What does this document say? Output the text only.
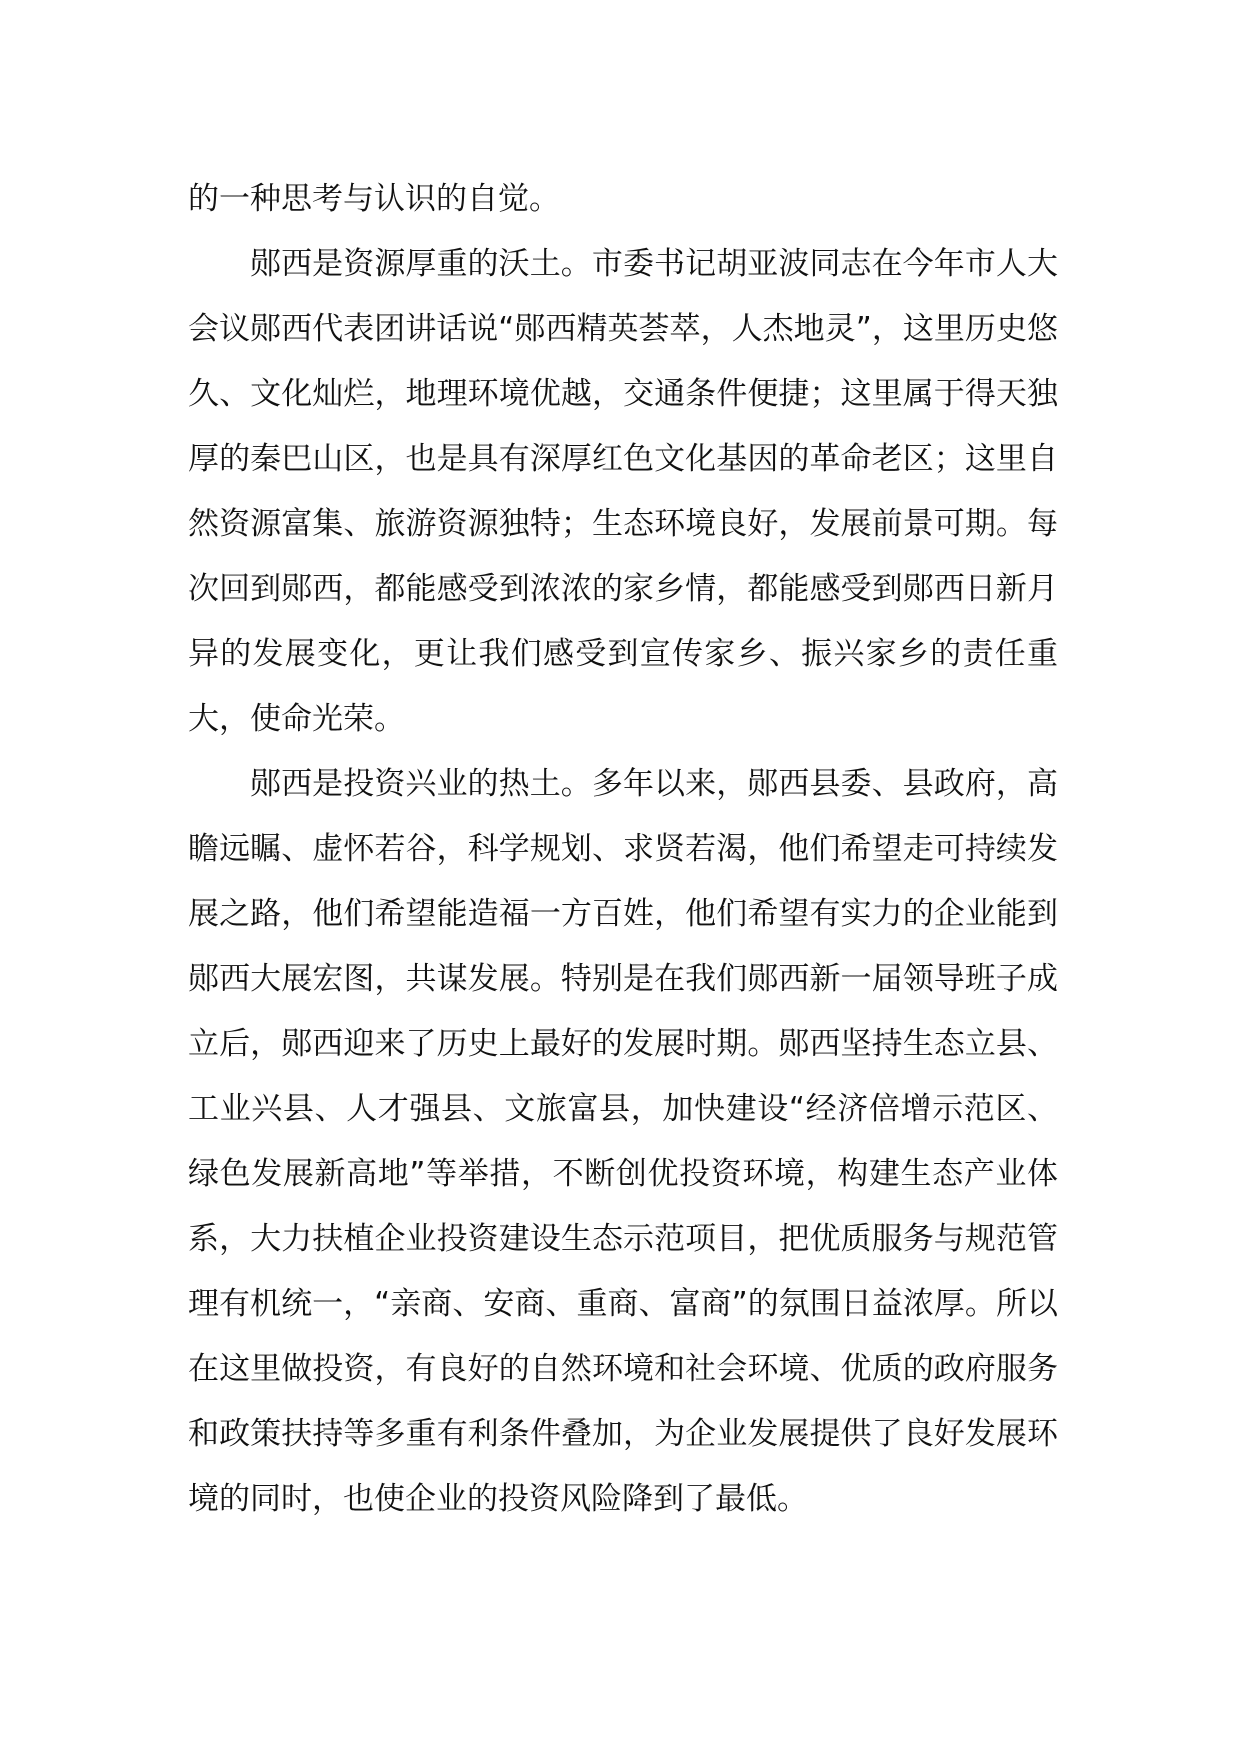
的一种思考与认识的自觉。

郧西是资源厚重的沃土。市委书记胡亚波同志在今年市人大会议郧西代表团讲话说“郧西精英荟萃，人杰地灵”，这里历史悠久、文化灿烂，地理环境优越，交通条件便捷；这里属于得天独厚的秦巴山区，也是具有深厚红色文化基因的革命老区；这里自然资源富集、旅游资源独特；生态环境良好，发展前景可期。每次回到郧西，都能感受到浓浓的家乡情，都能感受到郧西日新月异的发展变化，更让我们感受到宣传家乡、振兴家乡的责任重大，使命光荣。

郧西是投资兴业的热土。多年以来，郧西县委、县政府，高瞻远瞩、虚怀若谷，科学规划、求贤若渴，他们希望走可持续发展之路，他们希望能造福一方百姓，他们希望有实力的企业能到郧西大展宏图，共谋发展。特别是在我们郧西新一届领导班子成立后，郧西迎来了历史上最好的发展时期。郧西坚持生态立县、工业兴县、人才强县、文旅富县，加快建设“经济倍增示范区、绿色发展新高地”等举措，不断创优投资环境，构建生态产业体系，大力扶植企业投资建设生态示范项目，把优质服务与规范管理有机统一，“亲商、安商、重商、富商”的氛围日益浓厚。所以在这里做投资，有良好的自然环境和社会环境、优质的政府服务和政策扶持等多重有利条件叠加，为企业发展提供了良好发展环境的同时，也使企业的投资风险降到了最低。
